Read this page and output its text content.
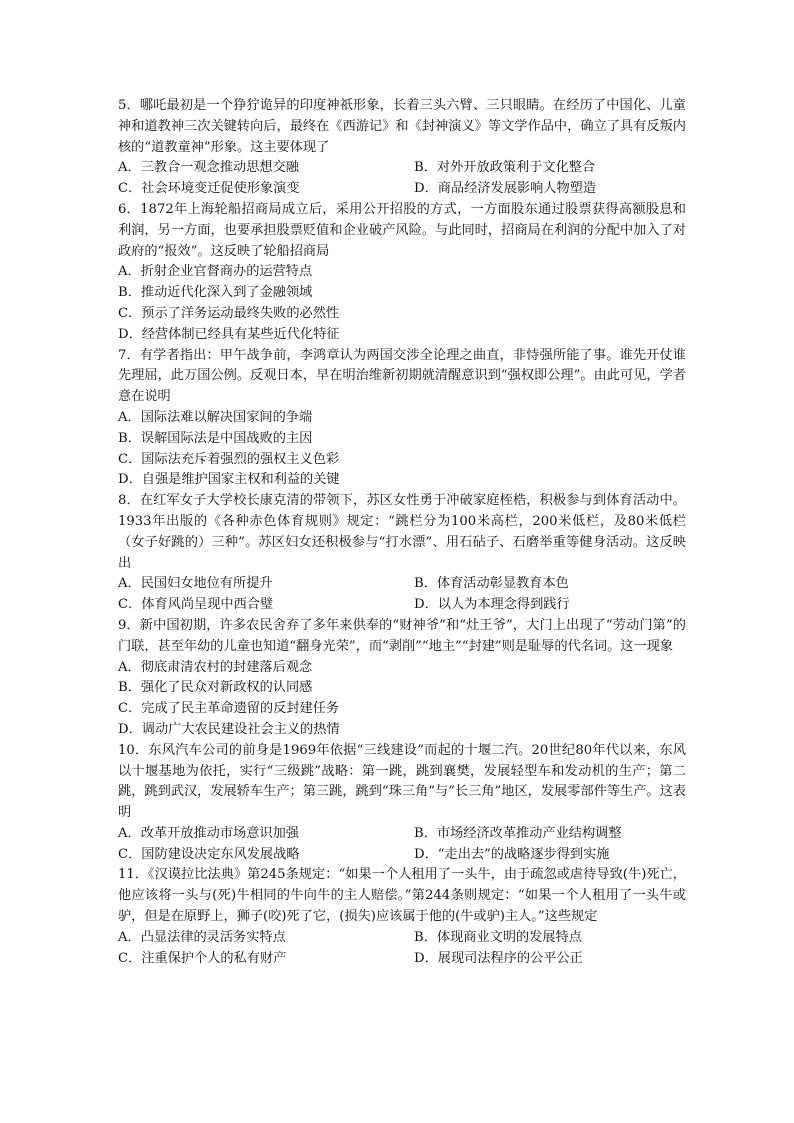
5．哪吒最初是一个狰狞诡异的印度神祇形象，长着三头六臂、三只眼睛。在经历了中国化、儿童神和道教神三次关键转向后，最终在《西游记》和《封神演义》等文学作品中，确立了具有反叛内核的“道教童神”形象。这主要体现了

A．三教合一观念推动思想交融	B．对外开放政策利于文化整合
C．社会环境变迁促使形象演变	D．商品经济发展影响人物塑造

6．1872年上海轮船招商局成立后，采用公开招股的方式，一方面股东通过股票获得高额股息和利润，另一方面，也要承担股票贬值和企业破产风险。与此同时，招商局在利润的分配中加入了对政府的“报效”。这反映了轮船招商局

A．折射企业官督商办的运营特点
B．推动近代化深入到了金融领域
C．预示了洋务运动最终失败的必然性
D．经营体制已经具有某些近代化特征

7．有学者指出：甲午战争前，李鸿章认为两国交涉全论理之曲直，非恃强所能了事。谁先开仗谁先理屈，此万国公例。反观日本，早在明治维新初期就清醒意识到“强权即公理”。由此可见，学者意在说明

A．国际法难以解决国家间的争端
B．误解国际法是中国战败的主因
C．国际法充斥着强烈的强权主义色彩
D．自强是维护国家主权和利益的关键

8．在红军女子大学校长康克清的带领下，苏区女性勇于冲破家庭桎梏，积极参与到体育活动中。1933年出版的《各种赤色体育规则》规定：“跳栏分为100米高栏，200米低栏，及80米低栏（女子好跳的）三种”。苏区妇女还积极参与“打水漂”、用石砧子、石磨举重等健身活动。这反映出

A．民国妇女地位有所提升	B．体育活动彰显教育本色
C．体育风尚呈现中西合璧	D．以人为本理念得到践行

9．新中国初期，许多农民舍弃了多年来供奉的“财神爷”和“灶王爷”，大门上出现了“劳动门第”的门联，甚至年幼的儿童也知道“翻身光荣”，而“剥削”“地主”“封建”则是耻辱的代名词。这一现象

A．彻底肃清农村的封建落后观念
B．强化了民众对新政权的认同感
C．完成了民主革命遗留的反封建任务
D．调动广大农民建设社会主义的热情

10．东风汽车公司的前身是1969年依据“三线建设”而起的十堰二汽。20世纪80年代以来，东风以十堰基地为依托，实行“三级跳”战略：第一跳，跳到襄樊，发展轻型车和发动机的生产；第二跳，跳到武汉，发展轿车生产；第三跳，跳到“珠三角”与“长三角”地区，发展零部件等生产。这表明

A．改革开放推动市场意识加强	B．市场经济改革推动产业结构调整
C．国防建设决定东风发展战略	D．“走出去”的战略逐步得到实施

11．《汉谟拉比法典》第245条规定：“如果一个人租用了一头牛，由于疏忽或虐待导致(牛)死亡，他应该将一头与(死)牛相同的牛向牛的主人赔偿。”第244条则规定：“如果一个人租用了一头牛或驴，但是在原野上，狮子(咬)死了它，(损失)应该属于他的(牛或驴)主人。”这些规定

A．凸显法律的灵活务实特点	B．体现商业文明的发展特点
C．注重保护个人的私有财产	D．展现司法程序的公平公正
